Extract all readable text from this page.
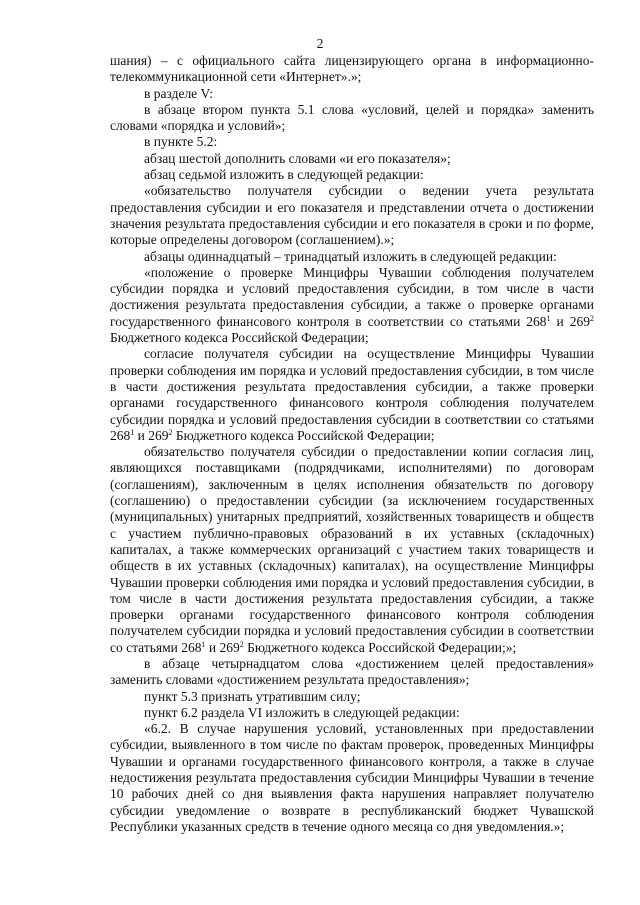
2

шания) – с официального сайта лицензирующего органа в информационно-телекоммуникационной сети «Интернет».»;

в разделе V:

в абзаце втором пункта 5.1 слова «условий, целей и порядка» заменить словами «порядка и условий»;

в пункте 5.2:

абзац шестой дополнить словами «и его показателя»;

абзац седьмой изложить в следующей редакции:

«обязательство получателя субсидии о ведении учета результата предоставления субсидии и его показателя и представлении отчета о достижении значения результата предоставления субсидии и его показателя в сроки и по форме, которые определены договором (соглашением).»;

абзацы одиннадцатый – тринадцатый изложить в следующей редакции:

«положение о проверке Минцифры Чувашии соблюдения получателем субсидии порядка и условий предоставления субсидии, в том числе в части достижения результата предоставления субсидии, а также о проверке органами государственного финансового контроля в соответствии со статьями $268^1$ и $269^2$ Бюджетного кодекса Российской Федерации;

согласие получателя субсидии на осуществление Минцифры Чувашии проверки соблюдения им порядка и условий предоставления субсидии, в том числе в части достижения результата предоставления субсидии, а также проверки органами государственного финансового контроля соблюдения получателем субсидии порядка и условий предоставления субсидии в соответствии со статьями $268^1$ и $269^2$ Бюджетного кодекса Российской Федерации;

обязательство получателя субсидии о предоставлении копии согласия лиц, являющихся поставщиками (подрядчиками, исполнителями) по договорам (соглашениям), заключенным в целях исполнения обязательств по договору (соглашению) о предоставлении субсидии (за исключением государственных (муниципальных) унитарных предприятий, хозяйственных товариществ и обществ с участием публично-правовых образований в их уставных (складочных) капиталах, а также коммерческих организаций с участием таких товариществ и обществ в их уставных (складочных) капиталах), на осуществление Минцифры Чувашии проверки соблюдения ими порядка и условий предоставления субсидии, в том числе в части достижения результата предоставления субсидии, а также проверки органами государственного финансового контроля соблюдения получателем субсидии порядка и условий предоставления субсидии в соответствии со статьями $268^1$ и $269^2$ Бюджетного кодекса Российской Федерации;»;

в абзаце четырнадцатом слова «достижением целей предоставления» заменить словами «достижением результата предоставления»;

пункт 5.3 признать утратившим силу;

пункт 6.2 раздела VI изложить в следующей редакции:

«6.2. В случае нарушения условий, установленных при предоставлении субсидии, выявленного в том числе по фактам проверок, проведенных Минцифры Чувашии и органами государственного финансового контроля, а также в случае недостижения результата предоставления субсидии Минцифры Чувашии в течение 10 рабочих дней со дня выявления факта нарушения направляет получателю субсидии уведомление о возврате в республиканский бюджет Чувашской Республики указанных средств в течение одного месяца со дня уведомления.»;
